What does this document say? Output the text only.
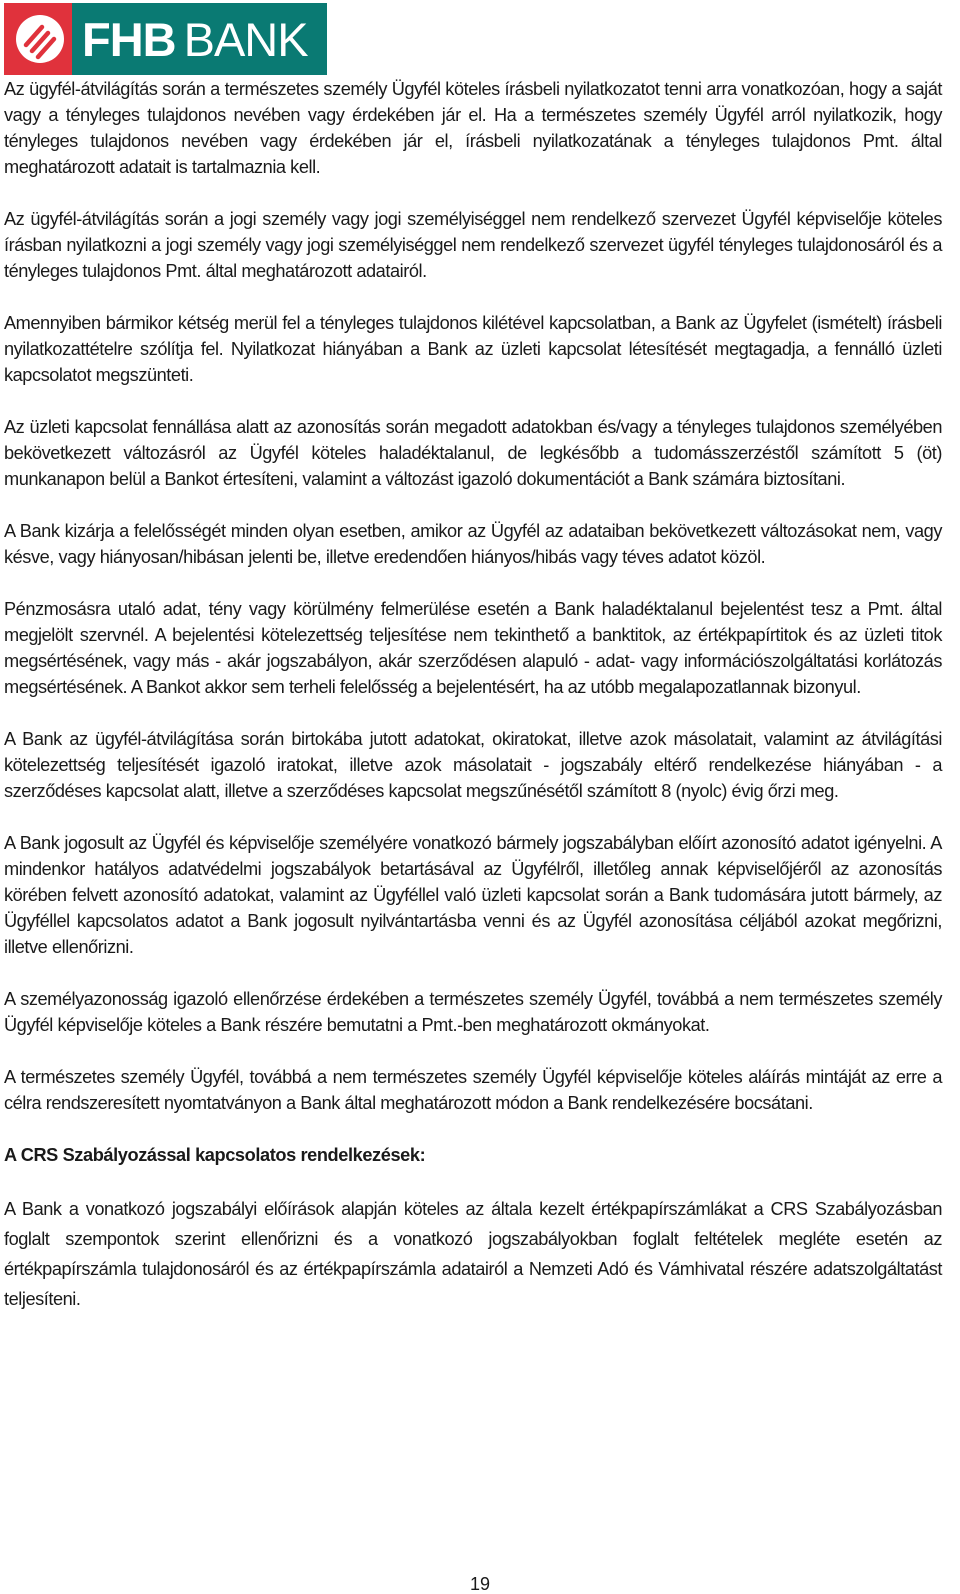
FHB BANK

Az ügyfél-átvilágítás során a természetes személy Ügyfél köteles írásbeli nyilatkozatot tenni arra vonatkozóan, hogy a saját vagy a tényleges tulajdonos nevében vagy érdekében jár el. Ha a természetes személy Ügyfél arról nyilatkozik, hogy tényleges tulajdonos nevében vagy érdekében jár el, írásbeli nyilatkozatának a tényleges tulajdonos Pmt. által meghatározott adatait is tartalmaznia kell.

Az ügyfél-átvilágítás során a jogi személy vagy jogi személyiséggel nem rendelkező szervezet Ügyfél képviselője köteles írásban nyilatkozni a jogi személy vagy jogi személyiséggel nem rendelkező szervezet ügyfél tényleges tulajdonosáról és a tényleges tulajdonos Pmt. által meghatározott adatairól.

Amennyiben bármikor kétség merül fel a tényleges tulajdonos kilétével kapcsolatban, a Bank az Ügyfelet (ismételt) írásbeli nyilatkozattételre szólítja fel. Nyilatkozat hiányában a Bank az üzleti kapcsolat létesítését megtagadja, a fennálló üzleti kapcsolatot megszünteti.

Az üzleti kapcsolat fennállása alatt az azonosítás során megadott adatokban és/vagy a tényleges tulajdonos személyében bekövetkezett változásról az Ügyfél köteles haladéktalanul, de legkésőbb a tudomásszerzéstől számított 5 (öt) munkanapon belül a Bankot értesíteni, valamint a változást igazoló dokumentációt a Bank számára biztosítani.

A Bank kizárja a felelősségét minden olyan esetben, amikor az Ügyfél az adataiban bekövetkezett változásokat nem, vagy késve, vagy hiányosan/hibásan jelenti be, illetve eredendően hiányos/hibás vagy téves adatot közöl.

Pénzmosásra utaló adat, tény vagy körülmény felmerülése esetén a Bank haladéktalanul bejelentést tesz a Pmt. által megjelölt szervnél. A bejelentési kötelezettség teljesítése nem tekinthető a banktitok, az értékpapírtitok és az üzleti titok megsértésének, vagy más - akár jogszabályon, akár szerződésen alapuló - adat- vagy információszolgáltatási korlátozás megsértésének. A Bankot akkor sem terheli felelősség a bejelentésért, ha az utóbb megalapozatlannak bizonyul.

A Bank az ügyfél-átvilágítása során birtokába jutott adatokat, okiratokat, illetve azok másolatait, valamint az átvilágítási kötelezettség teljesítését igazoló iratokat, illetve azok másolatait - jogszabály eltérő rendelkezése hiányában - a szerződéses kapcsolat alatt, illetve a szerződéses kapcsolat megszűnésétől számított 8 (nyolc) évig őrzi meg.

A Bank jogosult az Ügyfél és képviselője személyére vonatkozó bármely jogszabályban előírt azonosító adatot igényelni. A mindenkor hatályos adatvédelmi jogszabályok betartásával az Ügyfélről, illetőleg annak képviselőjéről az azonosítás körében felvett azonosító adatokat, valamint az Ügyféllel való üzleti kapcsolat során a Bank tudomására jutott bármely, az Ügyféllel kapcsolatos adatot a Bank jogosult nyilvántartásba venni és az Ügyfél azonosítása céljából azokat megőrizni, illetve ellenőrizni.

A személyazonosság igazoló ellenőrzése érdekében a természetes személy Ügyfél, továbbá a nem természetes személy Ügyfél képviselője köteles a Bank részére bemutatni a Pmt.-ben meghatározott okmányokat.

A természetes személy Ügyfél, továbbá a nem természetes személy Ügyfél képviselője köteles aláírás mintáját az erre a célra rendszeresített nyomtatványon a Bank által meghatározott módon a Bank rendelkezésére bocsátani.

A CRS Szabályozással kapcsolatos rendelkezések:

A Bank a vonatkozó jogszabályi előírások alapján köteles az általa kezelt értékpapírszámlákat a CRS Szabályozásban foglalt szempontok szerint ellenőrizni és a vonatkozó jogszabályokban foglalt feltételek megléte esetén az értékpapírszámla tulajdonosáról és az értékpapírszámla adatairól a Nemzeti Adó és Vámhivatal részére adatszolgáltatást teljesíteni.

19
